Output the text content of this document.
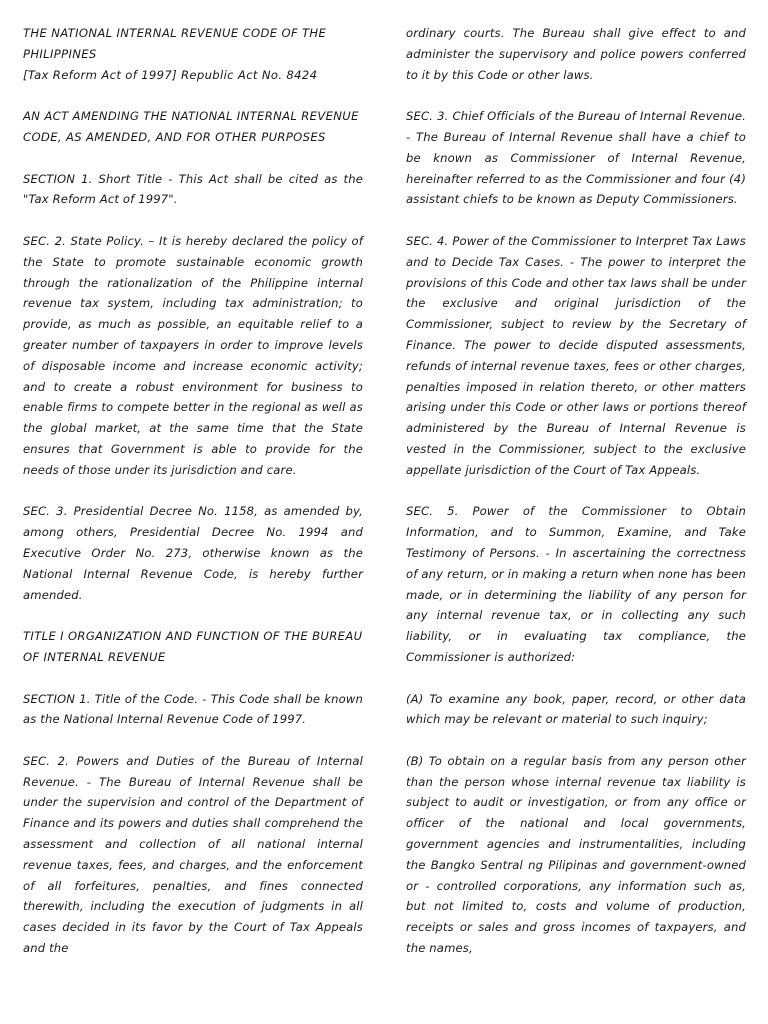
THE NATIONAL INTERNAL REVENUE CODE OF THE PHILIPPINES
[Tax Reform Act of 1997] Republic Act No. 8424

AN ACT AMENDING THE NATIONAL INTERNAL REVENUE CODE, AS AMENDED, AND FOR OTHER PURPOSES

SECTION 1. Short Title - This Act shall be cited as the "Tax Reform Act of 1997".

SEC. 2. State Policy. – It is hereby declared the policy of the State to promote sustainable economic growth through the rationalization of the Philippine internal revenue tax system, including tax administration; to provide, as much as possible, an equitable relief to a greater number of taxpayers in order to improve levels of disposable income and increase economic activity; and to create a robust environment for business to enable firms to compete better in the regional as well as the global market, at the same time that the State ensures that Government is able to provide for the needs of those under its jurisdiction and care.

SEC. 3. Presidential Decree No. 1158, as amended by, among others, Presidential Decree No. 1994 and Executive Order No. 273, otherwise known as the National Internal Revenue Code, is hereby further amended.

TITLE I ORGANIZATION AND FUNCTION OF THE BUREAU OF INTERNAL REVENUE

SECTION 1. Title of the Code. - This Code shall be known as the National Internal Revenue Code of 1997.

SEC. 2. Powers and Duties of the Bureau of Internal Revenue. - The Bureau of Internal Revenue shall be under the supervision and control of the Department of Finance and its powers and duties shall comprehend the assessment and collection of all national internal revenue taxes, fees, and charges, and the enforcement of all forfeitures, penalties, and fines connected therewith, including the execution of judgments in all cases decided in its favor by the Court of Tax Appeals and the

ordinary courts. The Bureau shall give effect to and administer the supervisory and police powers conferred to it by this Code or other laws.

SEC. 3. Chief Officials of the Bureau of Internal Revenue. - The Bureau of Internal Revenue shall have a chief to be known as Commissioner of Internal Revenue, hereinafter referred to as the Commissioner and four (4) assistant chiefs to be known as Deputy Commissioners.

SEC. 4. Power of the Commissioner to Interpret Tax Laws and to Decide Tax Cases. - The power to interpret the provisions of this Code and other tax laws shall be under the exclusive and original jurisdiction of the Commissioner, subject to review by the Secretary of Finance. The power to decide disputed assessments, refunds of internal revenue taxes, fees or other charges, penalties imposed in relation thereto, or other matters arising under this Code or other laws or portions thereof administered by the Bureau of Internal Revenue is vested in the Commissioner, subject to the exclusive appellate jurisdiction of the Court of Tax Appeals.

SEC. 5. Power of the Commissioner to Obtain Information, and to Summon, Examine, and Take Testimony of Persons. - In ascertaining the correctness of any return, or in making a return when none has been made, or in determining the liability of any person for any internal revenue tax, or in collecting any such liability, or in evaluating tax compliance, the Commissioner is authorized:

(A) To examine any book, paper, record, or other data which may be relevant or material to such inquiry;

(B) To obtain on a regular basis from any person other than the person whose internal revenue tax liability is subject to audit or investigation, or from any office or officer of the national and local governments, government agencies and instrumentalities, including the Bangko Sentral ng Pilipinas and government-owned or - controlled corporations, any information such as, but not limited to, costs and volume of production, receipts or sales and gross incomes of taxpayers, and the names,
